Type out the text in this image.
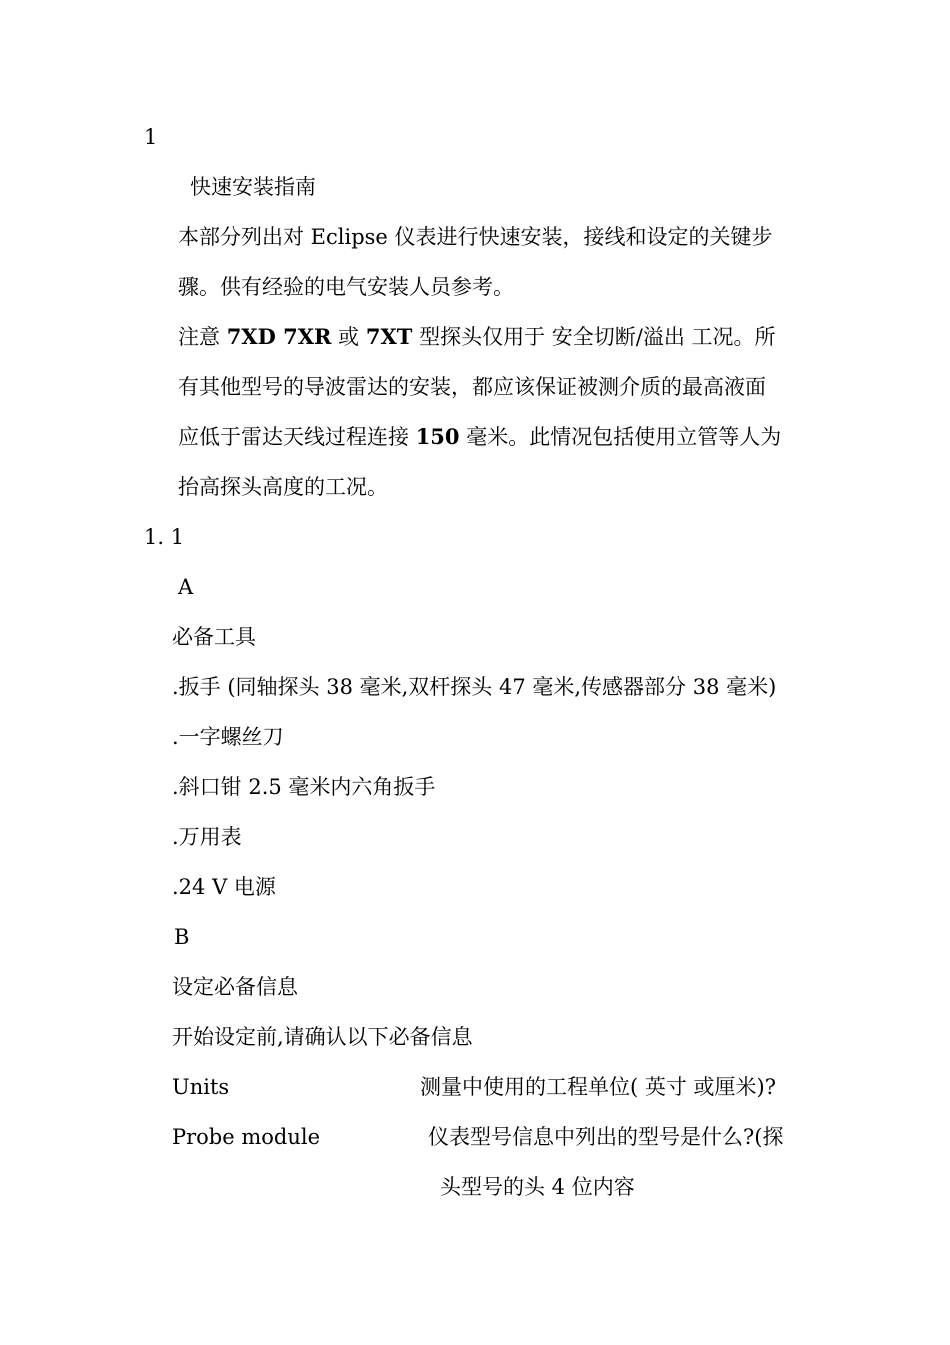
1
快速安装指南
本部分列出对 Eclipse 仪表进行快速安装，接线和设定的关键步
骤。供有经验的电气安装人员参考。
注意 7XD 7XR 或 7XT 型探头仅用于 安全切断/溢出 工况。所
有其他型号的导波雷达的安装，都应该保证被测介质的最高液面
应低于雷达天线过程连接 150 毫米。此情况包括使用立管等人为
抬高探头高度的工况。
1. 1
A
必备工具
.扳手 (同轴探头 38 毫米,双杆探头 47 毫米,传感器部分 38 毫米)
.一字螺丝刀
.斜口钳 2.5 毫米内六角扳手
.万用表
.24 V 电源
B
设定必备信息
开始设定前,请确认以下必备信息
Units	测量中使用的工程单位( 英寸 或厘米)?
Probe module	仪表型号信息中列出的型号是什么?(探
头型号的头 4 位内容
